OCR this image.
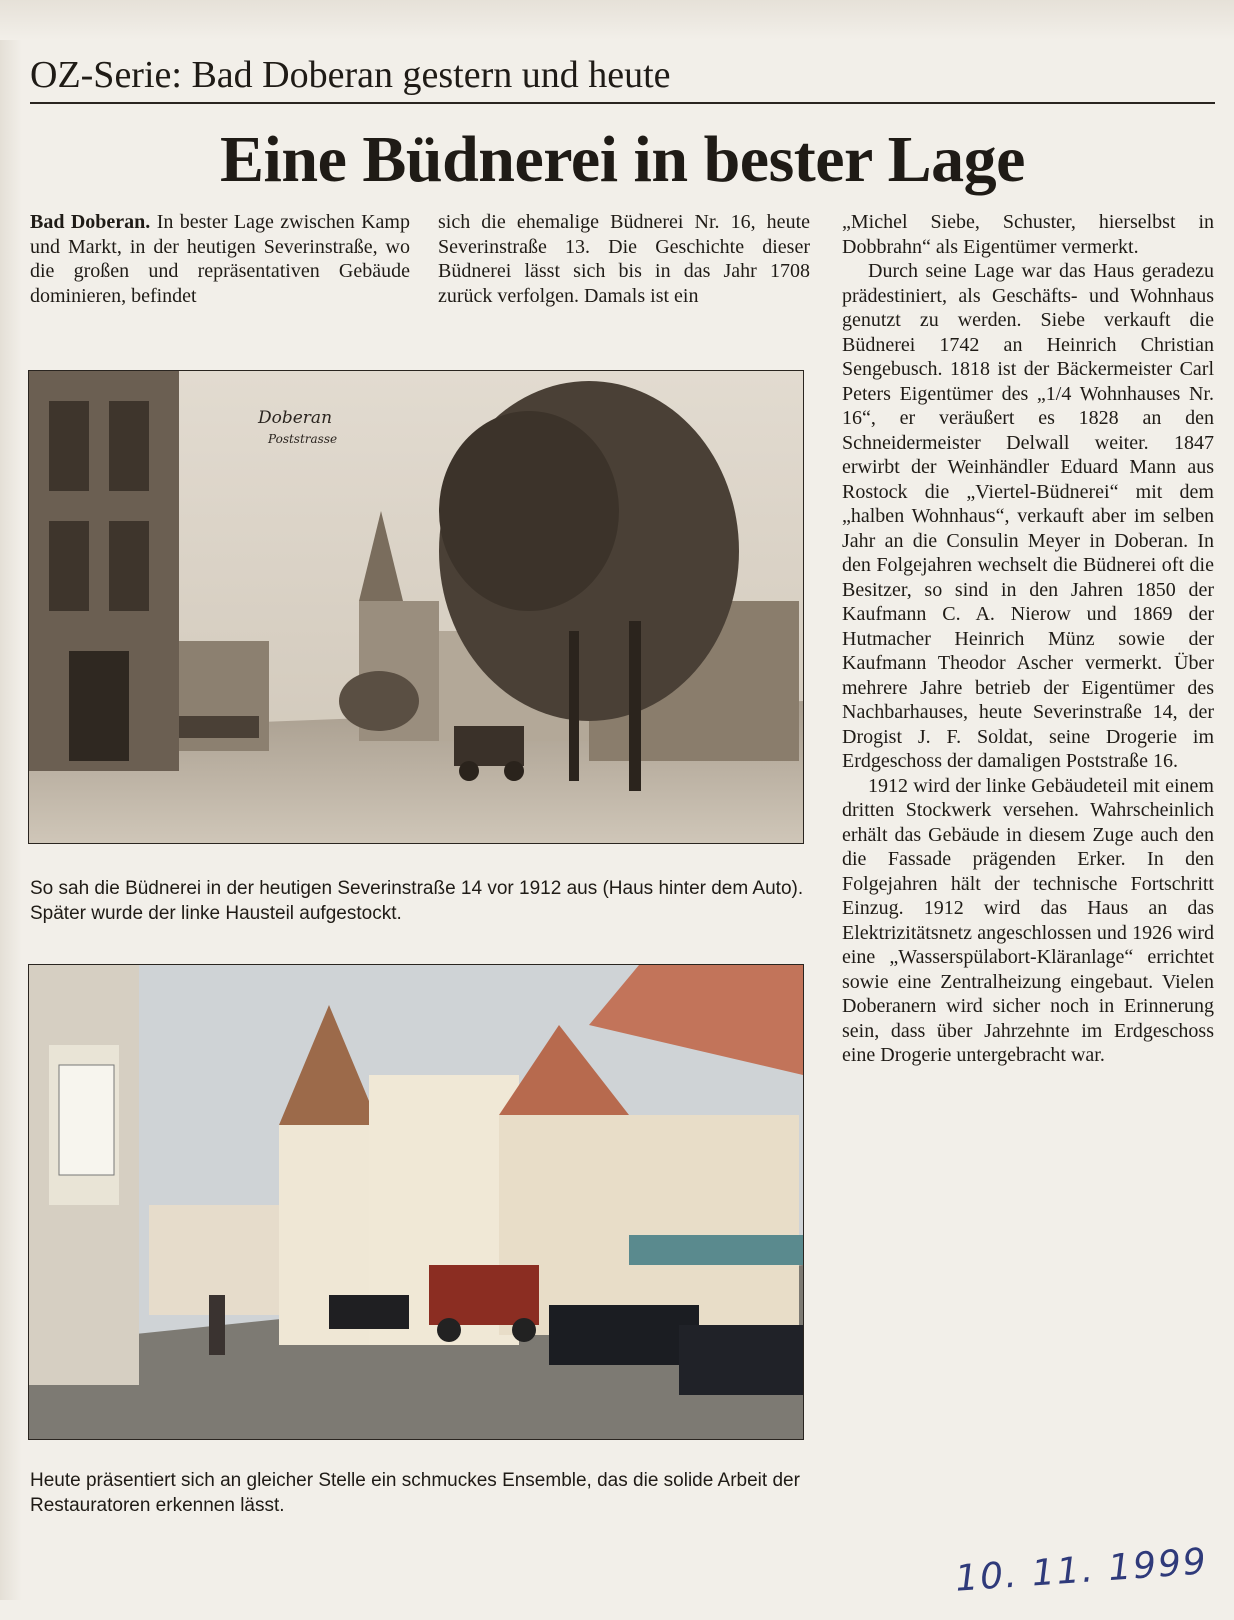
OZ-Serie: Bad Doberan gestern und heute
Eine Büdnerei in bester Lage

Bad Doberan. In bester Lage zwischen Kamp und Markt, in der heutigen Severinstraße, wo die großen und repräsentativen Gebäude dominieren, befindet

sich die ehemalige Büdnerei Nr. 16, heute Severinstraße 13. Die Geschichte dieser Büdnerei lässt sich bis in das Jahr 1708 zurück verfolgen. Damals ist ein

„Michel Siebe, Schuster, hierselbst in Dobbrahn“ als Eigentümer vermerkt.

Durch seine Lage war das Haus geradezu prädestiniert, als Geschäfts- und Wohnhaus genutzt zu werden. Siebe verkauft die Büdnerei 1742 an Heinrich Christian Sengebusch. 1818 ist der Bäckermeister Carl Peters Eigentümer des „1/4 Wohnhauses Nr. 16“, er veräußert es 1828 an den Schneidermeister Delwall weiter. 1847 erwirbt der Weinhändler Eduard Mann aus Rostock die „Viertel-Büdnerei“ mit dem „halben Wohnhaus“, verkauft aber im selben Jahr an die Consulin Meyer in Doberan. In den Folgejahren wechselt die Büdnerei oft die Besitzer, so sind in den Jahren 1850 der Kaufmann C. A. Nierow und 1869 der Hutmacher Heinrich Münz sowie der Kaufmann Theodor Ascher vermerkt. Über mehrere Jahre betrieb der Eigentümer des Nachbarhauses, heute Severinstraße 14, der Drogist J. F. Soldat, seine Drogerie im Erdgeschoss der damaligen Poststraße 16.

1912 wird der linke Gebäudeteil mit einem dritten Stockwerk versehen. Wahrscheinlich erhält das Gebäude in diesem Zuge auch den die Fassade prägenden Erker. In den Folgejahren hält der technische Fortschritt Einzug. 1912 wird das Haus an das Elektrizitätsnetz angeschlossen und 1926 wird eine „Wasserspülabort-Kläranlage“ errichtet sowie eine Zentralheizung eingebaut. Vielen Doberanern wird sicher noch in Erinnerung sein, dass über Jahrzehnte im Erdgeschoss eine Drogerie untergebracht war.

Doberan
Poststrasse
So sah die Büdnerei in der heutigen Severinstraße 14 vor 1912 aus (Haus hinter dem Auto). Später wurde der linke Hausteil aufgestockt.
Heute präsentiert sich an gleicher Stelle ein schmuckes Ensemble, das die solide Arbeit der Restauratoren erkennen lässt.
10. 11. 1999
